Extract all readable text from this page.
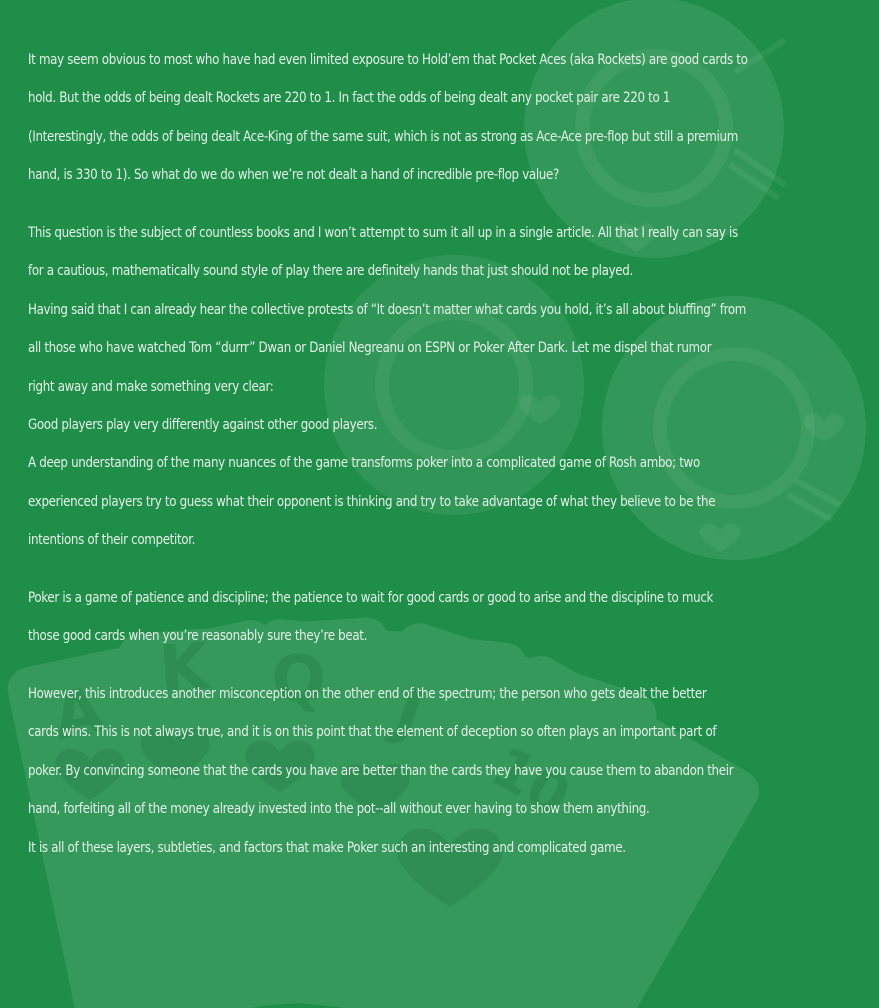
A
K Q J
10
It may seem obvious to most who have had even limited exposure to Hold’em that Pocket Aces (aka Rockets) are good cards to
hold. But the odds of being dealt Rockets are 220 to 1. In fact the odds of being dealt any pocket pair are 220 to 1
(Interestingly, the odds of being dealt Ace-King of the same suit, which is not as strong as Ace-Ace pre-flop but still a premium
hand, is 330 to 1). So what do we do when we’re not dealt a hand of incredible pre-flop value?
This question is the subject of countless books and I won’t attempt to sum it all up in a single article. All that I really can say is
for a cautious, mathematically sound style of play there are definitely hands that just should not be played.
Having said that I can already hear the collective protests of “It doesn’t matter what cards you hold, it’s all about bluffing” from
all those who have watched Tom “durrr” Dwan or Daniel Negreanu on ESPN or Poker After Dark. Let me dispel that rumor
right away and make something very clear:
Good players play very differently against other good players.
A deep understanding of the many nuances of the game transforms poker into a complicated game of Rosh ambo; two
experienced players try to guess what their opponent is thinking and try to take advantage of what they believe to be the
intentions of their competitor.
Poker is a game of patience and discipline; the patience to wait for good cards or good to arise and the discipline to muck
those good cards when you’re reasonably sure they’re beat.
However, this introduces another misconception on the other end of the spectrum; the person who gets dealt the better
cards wins. This is not always true, and it is on this point that the element of deception so often plays an important part of
poker. By convincing someone that the cards you have are better than the cards they have you cause them to abandon their
hand, forfeiting all of the money already invested into the pot--all without ever having to show them anything.
It is all of these layers, subtleties, and factors that make Poker such an interesting and complicated game.
